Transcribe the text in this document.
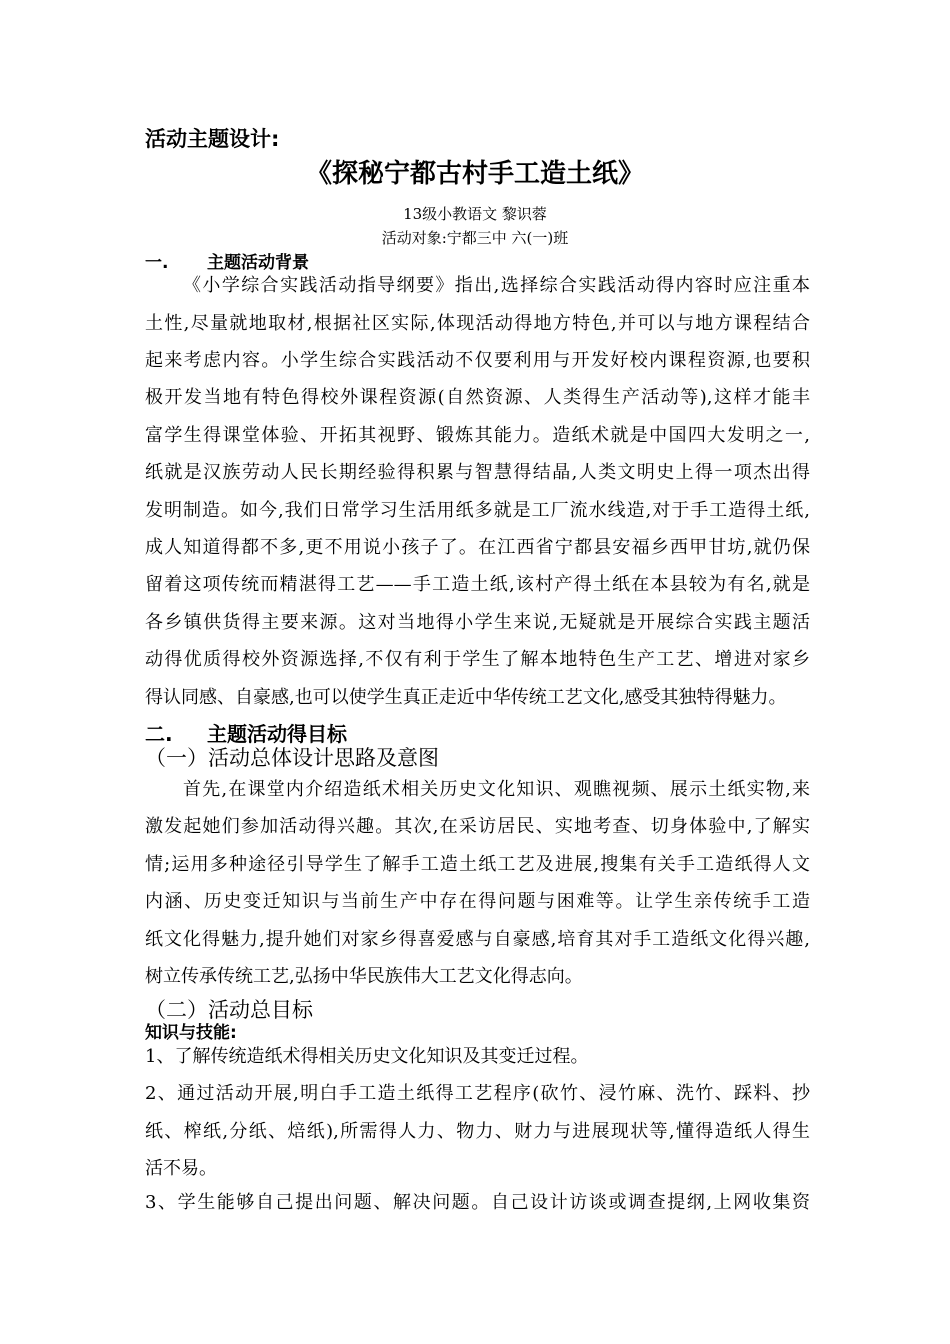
活动主题设计:
《探秘宁都古村手工造土纸》
13级小教语文 黎识蓉
活动对象:宁都三中 六(一)班
一. 主题活动背景
《小学综合实践活动指导纲要》指出,选择综合实践活动得内容时应注重本
土性,尽量就地取材,根据社区实际,体现活动得地方特色,并可以与地方课程结合
起来考虑内容。小学生综合实践活动不仅要利用与开发好校内课程资源,也要积
极开发当地有特色得校外课程资源(自然资源、人类得生产活动等),这样才能丰
富学生得课堂体验、开拓其视野、锻炼其能力。造纸术就是中国四大发明之一,
纸就是汉族劳动人民长期经验得积累与智慧得结晶,人类文明史上得一项杰出得
发明制造。如今,我们日常学习生活用纸多就是工厂流水线造,对于手工造得土纸,
成人知道得都不多,更不用说小孩子了。在江西省宁都县安福乡西甲甘坊,就仍保
留着这项传统而精湛得工艺——手工造土纸,该村产得土纸在本县较为有名,就是
各乡镇供货得主要来源。这对当地得小学生来说,无疑就是开展综合实践主题活
动得优质得校外资源选择,不仅有利于学生了解本地特色生产工艺、增进对家乡
得认同感、自豪感,也可以使学生真正走近中华传统工艺文化,感受其独特得魅力。
二. 主题活动得目标
（一）活动总体设计思路及意图
首先,在课堂内介绍造纸术相关历史文化知识、观瞧视频、展示土纸实物,来
激发起她们参加活动得兴趣。其次,在采访居民、实地考查、切身体验中,了解实
情;运用多种途径引导学生了解手工造土纸工艺及进展,搜集有关手工造纸得人文
内涵、历史变迁知识与当前生产中存在得问题与困难等。让学生亲传统手工造
纸文化得魅力,提升她们对家乡得喜爱感与自豪感,培育其对手工造纸文化得兴趣,
树立传承传统工艺,弘扬中华民族伟大工艺文化得志向。
（二）活动总目标
知识与技能:
1、了解传统造纸术得相关历史文化知识及其变迁过程。
2、通过活动开展,明白手工造土纸得工艺程序(砍竹、浸竹麻、洗竹、踩料、抄
纸、榨纸,分纸、焙纸),所需得人力、物力、财力与进展现状等,懂得造纸人得生
活不易。
3、学生能够自己提出问题、解决问题。自己设计访谈或调查提纲,上网收集资
